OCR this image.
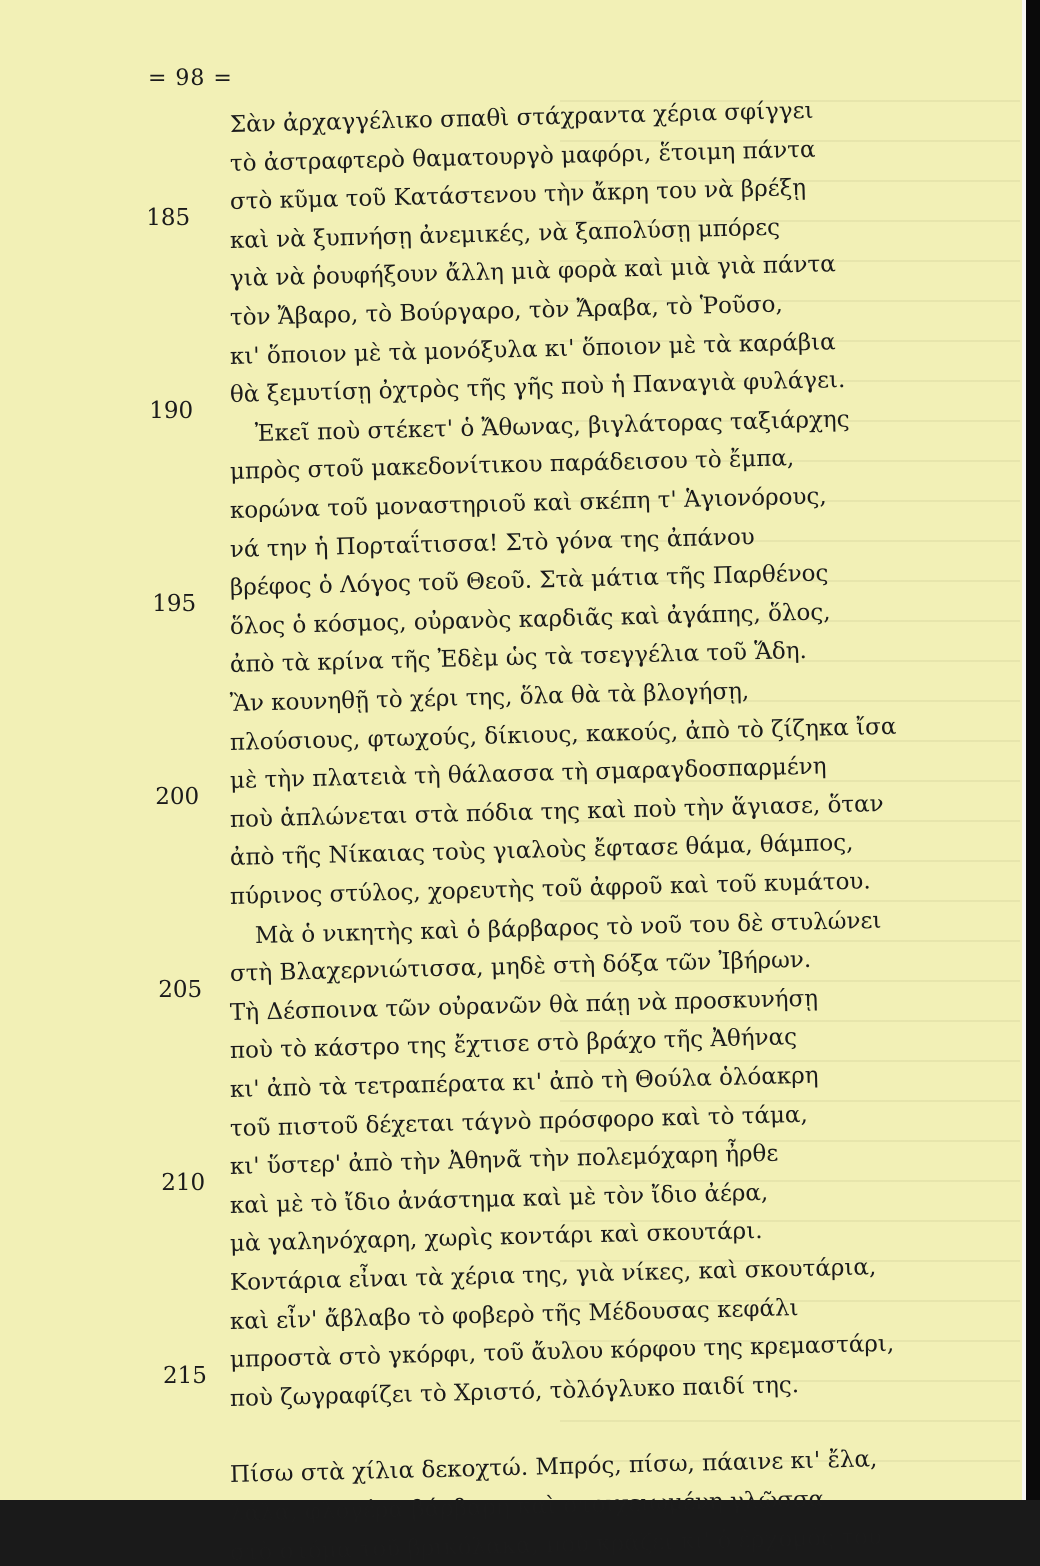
= 98 =
Σὰν ἀρχαγγέλικο σπαθὶ στάχραντα χέρια σφίγγει
τὸ ἀστραφτερὸ θαματουργὸ μαφόρι, ἕτοιμη πάντα
στὸ κῦμα τοῦ Κατάστενου τὴν ἄκρη του νὰ βρέξῃ
185 καὶ νὰ ξυπνήσῃ ἀνεμικές, νὰ ξαπολύσῃ μπόρες
γιὰ νὰ ῥουφήξουν ἄλλη μιὰ φορὰ καὶ μιὰ γιὰ πάντα
τὸν Ἄβαρο, τὸ Βούργαρο, τὸν Ἄραβα, τὸ Ῥοῦσο,
κι' ὅποιον μὲ τὰ μονόξυλα κι' ὅποιον μὲ τὰ καράβια
θὰ ξεμυτίσῃ ὀχτρὸς τῆς γῆς ποὺ ἡ Παναγιὰ φυλάγει.
190	Ἐκεῖ ποὺ στέκετ' ὁ Ἄθωνας, βιγλάτορας ταξιάρχης
μπρὸς στοῦ μακεδονίτικου παράδεισου τὸ ἔμπα,
κορώνα τοῦ μοναστηριοῦ καὶ σκέπη τ' Ἁγιονόρους,
νά την ἡ Πορταΐτισσα! Στὸ γόνα της ἀπάνου
βρέφος ὁ Λόγος τοῦ Θεοῦ. Στὰ μάτια τῆς Παρθένος
195 ὅλος ὁ κόσμος, οὐρανὸς καρδιᾶς καὶ ἀγάπης, ὅλος,
ἀπὸ τὰ κρίνα τῆς Ἐδὲμ ὡς τὰ τσεγγέλια τοῦ Ἅδη.
Ἂν κουνηθῇ τὸ χέρι της, ὅλα θὰ τὰ βλογήσῃ,
πλούσιους, φτωχούς, δίκιους, κακούς, ἀπὸ τὸ ζίζηκα ἴσα
μὲ τὴν πλατειὰ τὴ θάλασσα τὴ σμαραγδοσπαρμένη
200 ποὺ ἁπλώνεται στὰ πόδια της καὶ ποὺ τὴν ἅγιασε, ὅταν
ἀπὸ τῆς Νίκαιας τοὺς γιαλοὺς ἔφτασε θάμα, θάμπος,
πύρινος στύλος, χορευτὴς τοῦ ἀφροῦ καὶ τοῦ κυμάτου.
Μὰ ὁ νικητὴς καὶ ὁ βάρβαρος τὸ νοῦ του δὲ στυλώνει
στὴ Βλαχερνιώτισσα, μηδὲ στὴ δόξα τῶν Ἰβήρων.
205 Τὴ Δέσποινα τῶν οὐρανῶν θὰ πάῃ νὰ προσκυνήσῃ
ποὺ τὸ κάστρο της ἔχτισε στὸ βράχο τῆς Ἀθήνας
κι' ἀπὸ τὰ τετραπέρατα κι' ἀπὸ τὴ Θούλα ὁλόακρη
τοῦ πιστοῦ δέχεται τάγνὸ πρόσφορο καὶ τὸ τάμα,
κι' ὕστερ' ἀπὸ τὴν Ἀθηνᾶ τὴν πολεμόχαρη ἦρθε
210 καὶ μὲ τὸ ἴδιο ἀνάστημα καὶ μὲ τὸν ἴδιο ἀέρα,
μὰ γαληνόχαρη, χωρὶς κοντάρι καὶ σκουτάρι.
Κοντάρια εἶναι τὰ χέρια της, γιὰ νίκες, καὶ σκουτάρια,
καὶ εἶν' ἄβλαβο τὸ φοβερὸ τῆς Μέδουσας κεφάλι
μπροστὰ στὸ γκόρφι, τοῦ ἄυλου κόρφου της κρεμαστάρι,
215 ποὺ ζωγραφίζει τὸ Χριστό, τὸλόγλυκο παιδί της.
Πίσω στὰ χίλια δεκοχτώ. Μπρός, πίσω, πάαινε κι' ἔλα,
λάλα, φλογέρα βάρβαρη καὶ στοιχειωμένη γλῶσσα
στὸ στόμα τοῦ βρικόλακα, ποὺ κράζει κι' ὁ ἐρχομός του
